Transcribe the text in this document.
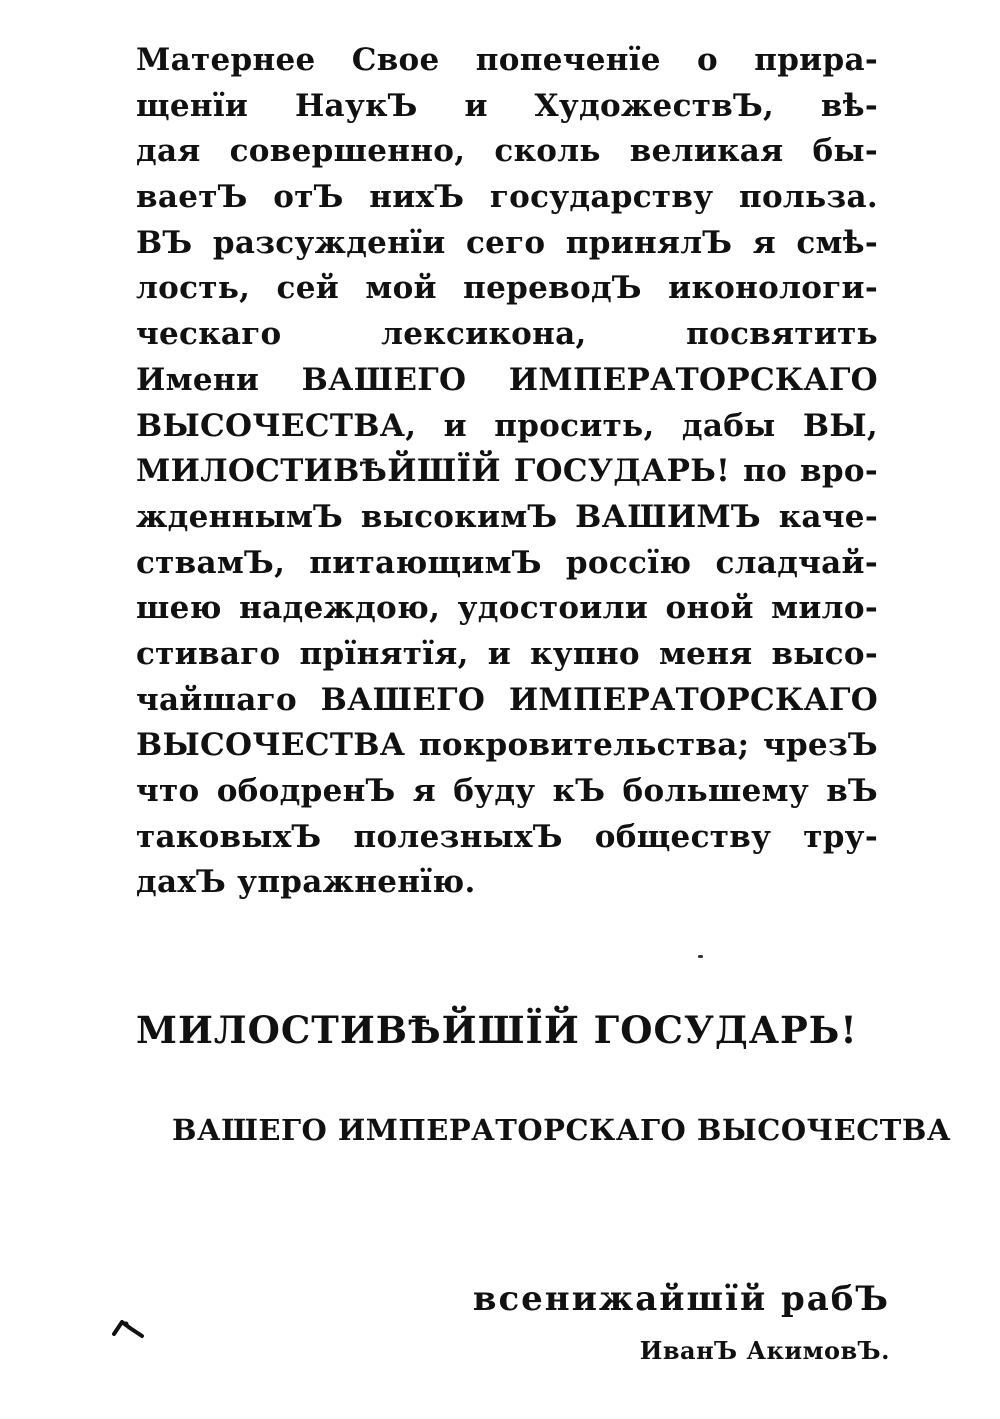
Матернее Свое попеченїе о прира-
щенїи НаукЪ и ХудожествЪ, вѣ-
дая совершенно, сколь великая бы-
ваетЪ отЪ нихЪ государству польза.
ВЪ разсужденїи сего принялЪ я смѣ-
лость, сей мой переводЪ иконологи-
ческаго лексикона, посвятить
Имени ВАШЕГО ИМПЕРАТОРСКАГО
ВЫСОЧЕСТВА, и просить, дабы ВЫ,
МИЛОСТИВѢЙШЇЙ ГОСУДАРЬ! по вро-
жденнымЪ высокимЪ ВАШИМЪ каче-
ствамЪ, питающимЪ россїю сладчай-
шею надеждою, удостоили оной мило-
стиваго прїнятїя, и купно меня высо-
чайшаго ВАШЕГО ИМПЕРАТОРСКАГО
ВЫСОЧЕСТВА покровительства; чрезЪ
что ободренЪ я буду кЪ большему вЪ
таковыхЪ полезныхЪ обществу тру-
дахЪ упражненїю.
МИЛОСТИВѢЙШЇЙ ГОСУДАРЬ!
ВАШЕГО ИМПЕРАТОРСКАГО ВЫСОЧЕСТВА
всенижайшїй рабЪ
ИванЪ АкимовЪ.
